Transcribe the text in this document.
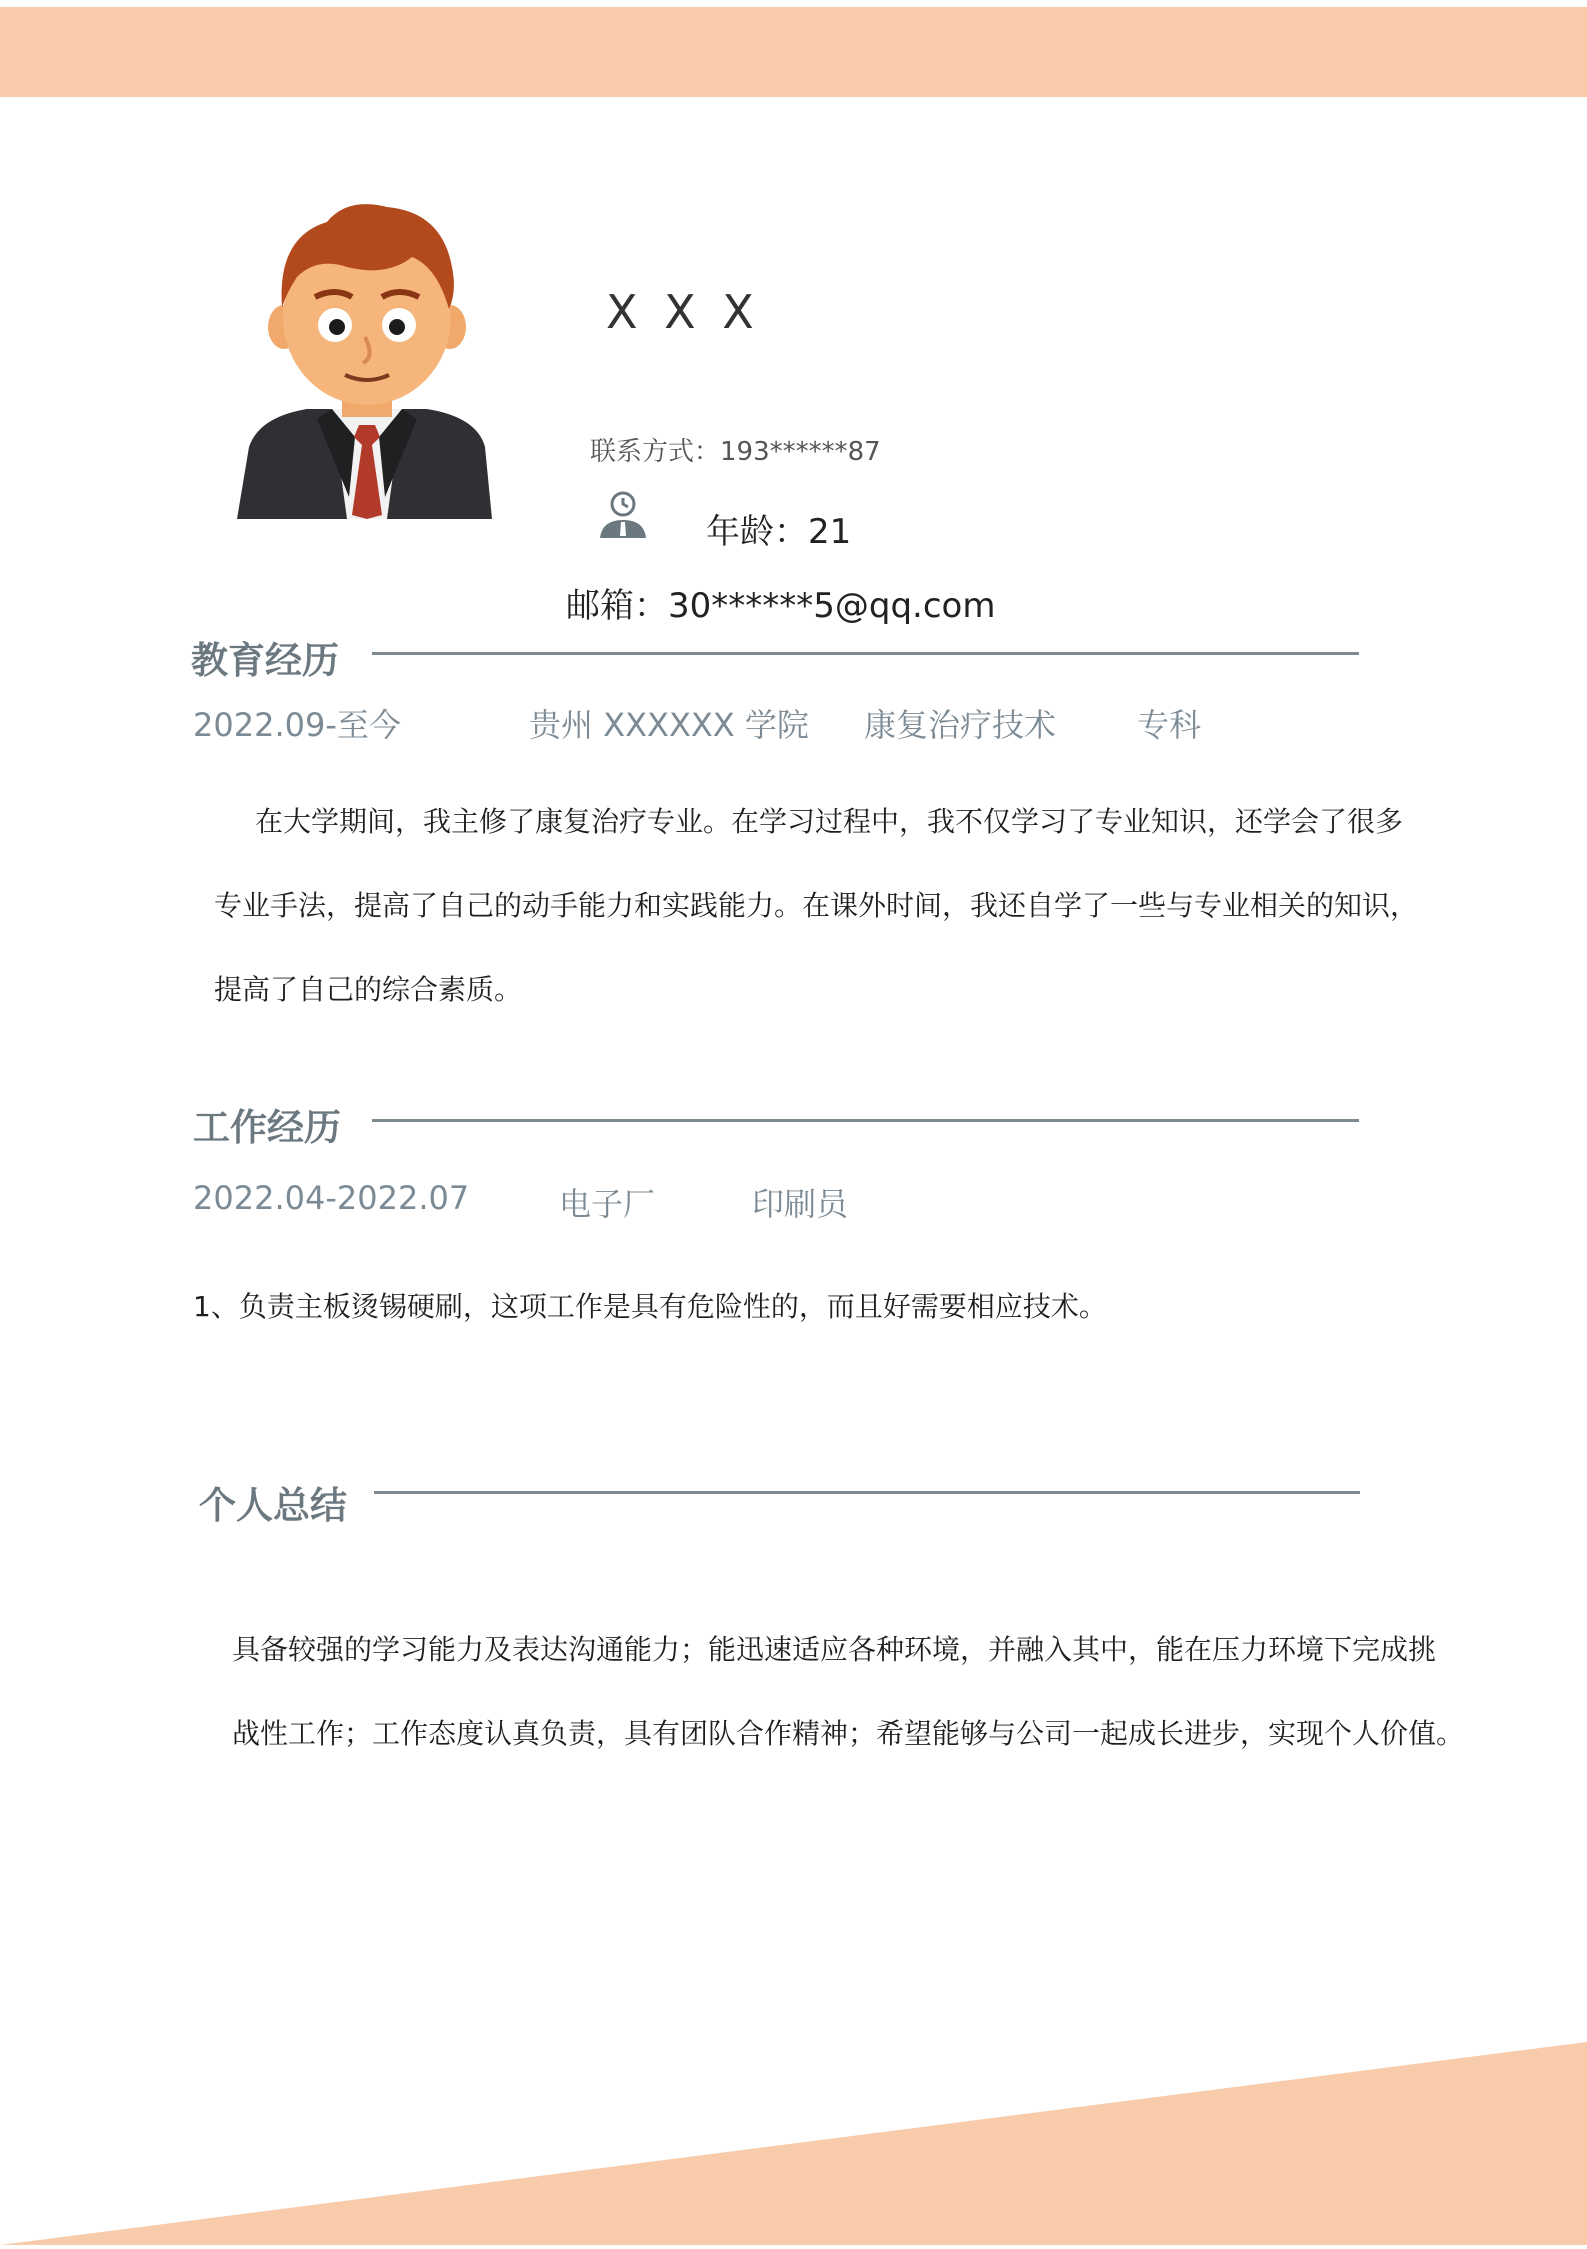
X X X
联系方式：193******87
年龄：21
邮箱：30******5@qq.com
教育经历
2022.09-至今	贵州 XXXXXX 学院 康复治疗技术	专科
在大学期间，我主修了康复治疗专业。在学习过程中，我不仅学习了专业知识，还学会了很多
专业手法，提高了自己的动手能力和实践能力。在课外时间，我还自学了一些与专业相关的知识，
提高了自己的综合素质。
工作经历
2022.04-2022.07	电子厂	印刷员
1、负责主板烫锡硬刷，这项工作是具有危险性的，而且好需要相应技术。
个人总结
具备较强的学习能力及表达沟通能力；能迅速适应各种环境，并融入其中，能在压力环境下完成挑
战性工作；工作态度认真负责，具有团队合作精神；希望能够与公司一起成长进步，实现个人价值。
